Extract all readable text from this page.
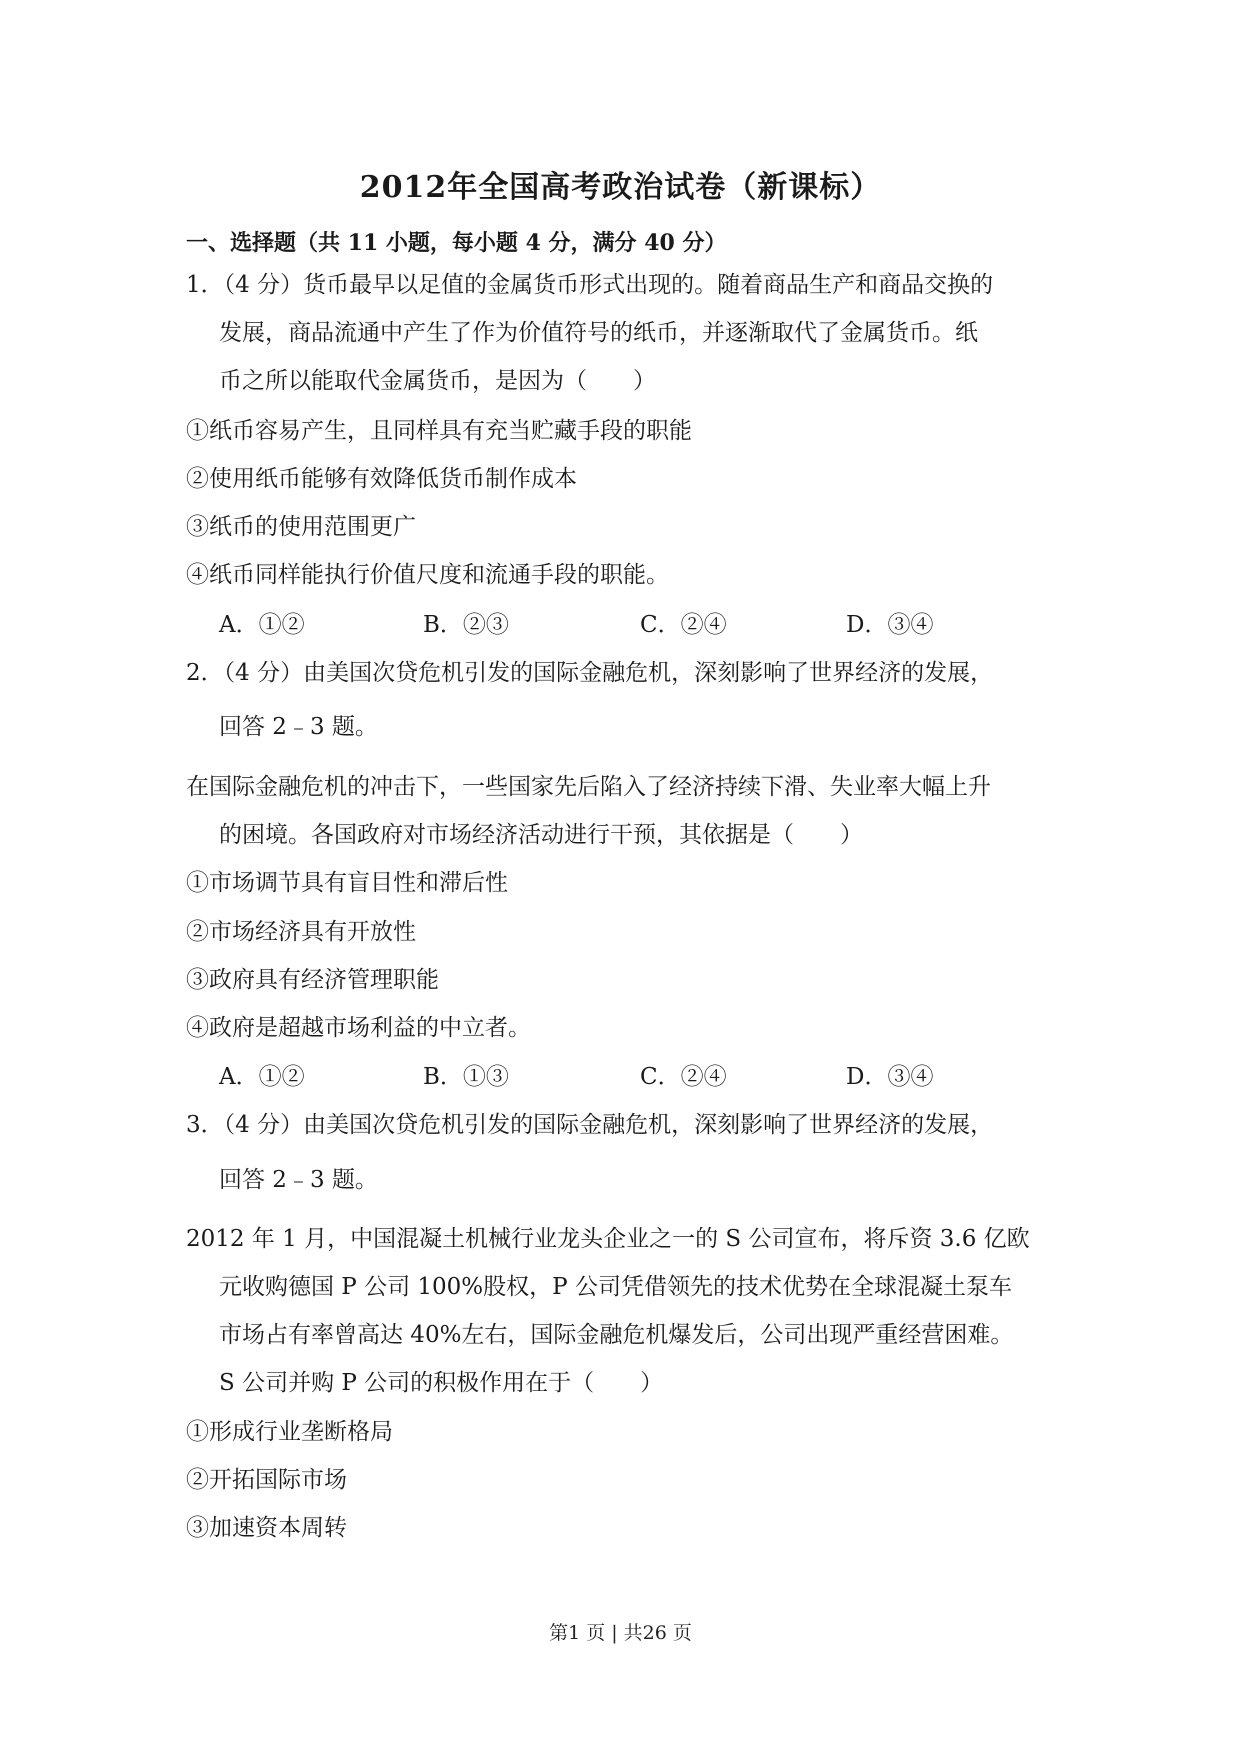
2012年全国高考政治试卷（新课标）
一、选择题（共 11 小题，每小题 4 分，满分 40 分）
1．（4 分）货币最早以足值的金属货币形式出现的。随着商品生产和商品交换的
发展，商品流通中产生了作为价值符号的纸币，并逐渐取代了金属货币。纸
币之所以能取代金属货币，是因为（　　）
①纸币容易产生，且同样具有充当贮藏手段的职能
②使用纸币能够有效降低货币制作成本
③纸币的使用范围更广
④纸币同样能执行价值尺度和流通手段的职能。
A．①②	B．②③	C．②④	D．③④
2．（4 分）由美国次贷危机引发的国际金融危机，深刻影响了世界经济的发展，
回答 2﹣3 题。
在国际金融危机的冲击下，一些国家先后陷入了经济持续下滑、失业率大幅上升
的困境。各国政府对市场经济活动进行干预，其依据是（　　）
①市场调节具有盲目性和滞后性
②市场经济具有开放性
③政府具有经济管理职能
④政府是超越市场利益的中立者。
A．①②	B．①③	C．②④	D．③④
3．（4 分）由美国次贷危机引发的国际金融危机，深刻影响了世界经济的发展，
回答 2﹣3 题。
2012 年 1 月，中国混凝土机械行业龙头企业之一的 S 公司宣布，将斥资 3.6 亿欧
元收购德国 P 公司 100%股权，P 公司凭借领先的技术优势在全球混凝土泵车
市场占有率曾高达 40%左右，国际金融危机爆发后，公司出现严重经营困难。
S 公司并购 P 公司的积极作用在于（　　）
①形成行业垄断格局
②开拓国际市场
③加速资本周转
第1 页 | 共26 页
